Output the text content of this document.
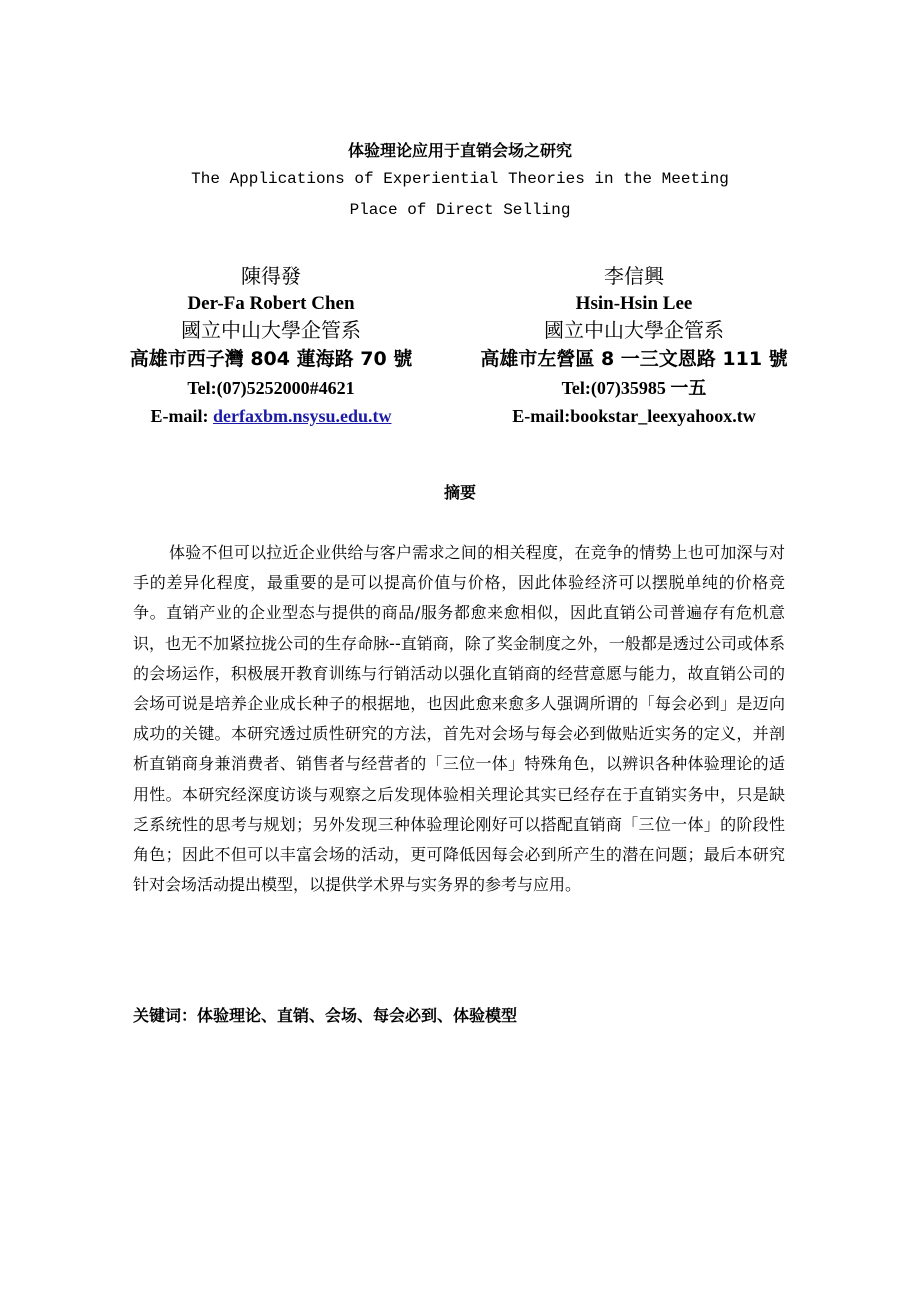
体验理论应用于直销会场之研究
The Applications of Experiential Theories in the Meeting
Place of Direct Selling
陳得發
Der-Fa Robert Chen
國立中山大學企管系
高雄市西子灣 804 蓮海路 70 號
Tel:(07)5252000#4621
E-mail: derfaxbm.nsysu.edu.tw
李信興
Hsin-Hsin Lee
國立中山大學企管系
高雄市左營區 8 一三文恩路 111 號
Tel:(07)35985 一五
E-mail:bookstar_leexyahoox.tw
摘要

体验不但可以拉近企业供给与客户需求之间的相关程度，在竞争的情势上也可加深与对手的差异化程度，最重要的是可以提高价值与价格，因此体验经济可以摆脱单纯的价格竞争。直销产业的企业型态与提供的商品/服务都愈来愈相似，因此直销公司普遍存有危机意识，也无不加紧拉拢公司的生存命脉--直销商，除了奖金制度之外，一般都是透过公司或体系的会场运作，积极展开教育训练与行销活动以强化直销商的经营意愿与能力，故直销公司的会场可说是培养企业成长种子的根据地，也因此愈来愈多人强调所谓的「每会必到」是迈向成功的关键。本研究透过质性研究的方法，首先对会场与每会必到做贴近实务的定义，并剖析直销商身兼消费者、销售者与经营者的「三位一体」特殊角色，以辨识各种体验理论的适用性。本研究经深度访谈与观察之后发现体验相关理论其实已经存在于直销实务中，只是缺乏系统性的思考与规划；另外发现三种体验理论刚好可以搭配直销商「三位一体」的阶段性角色；因此不但可以丰富会场的活动，更可降低因每会必到所产生的潜在问题；最后本研究针对会场活动提出模型，以提供学术界与实务界的参考与应用。

关键词：体验理论、直销、会场、每会必到、体验模型
